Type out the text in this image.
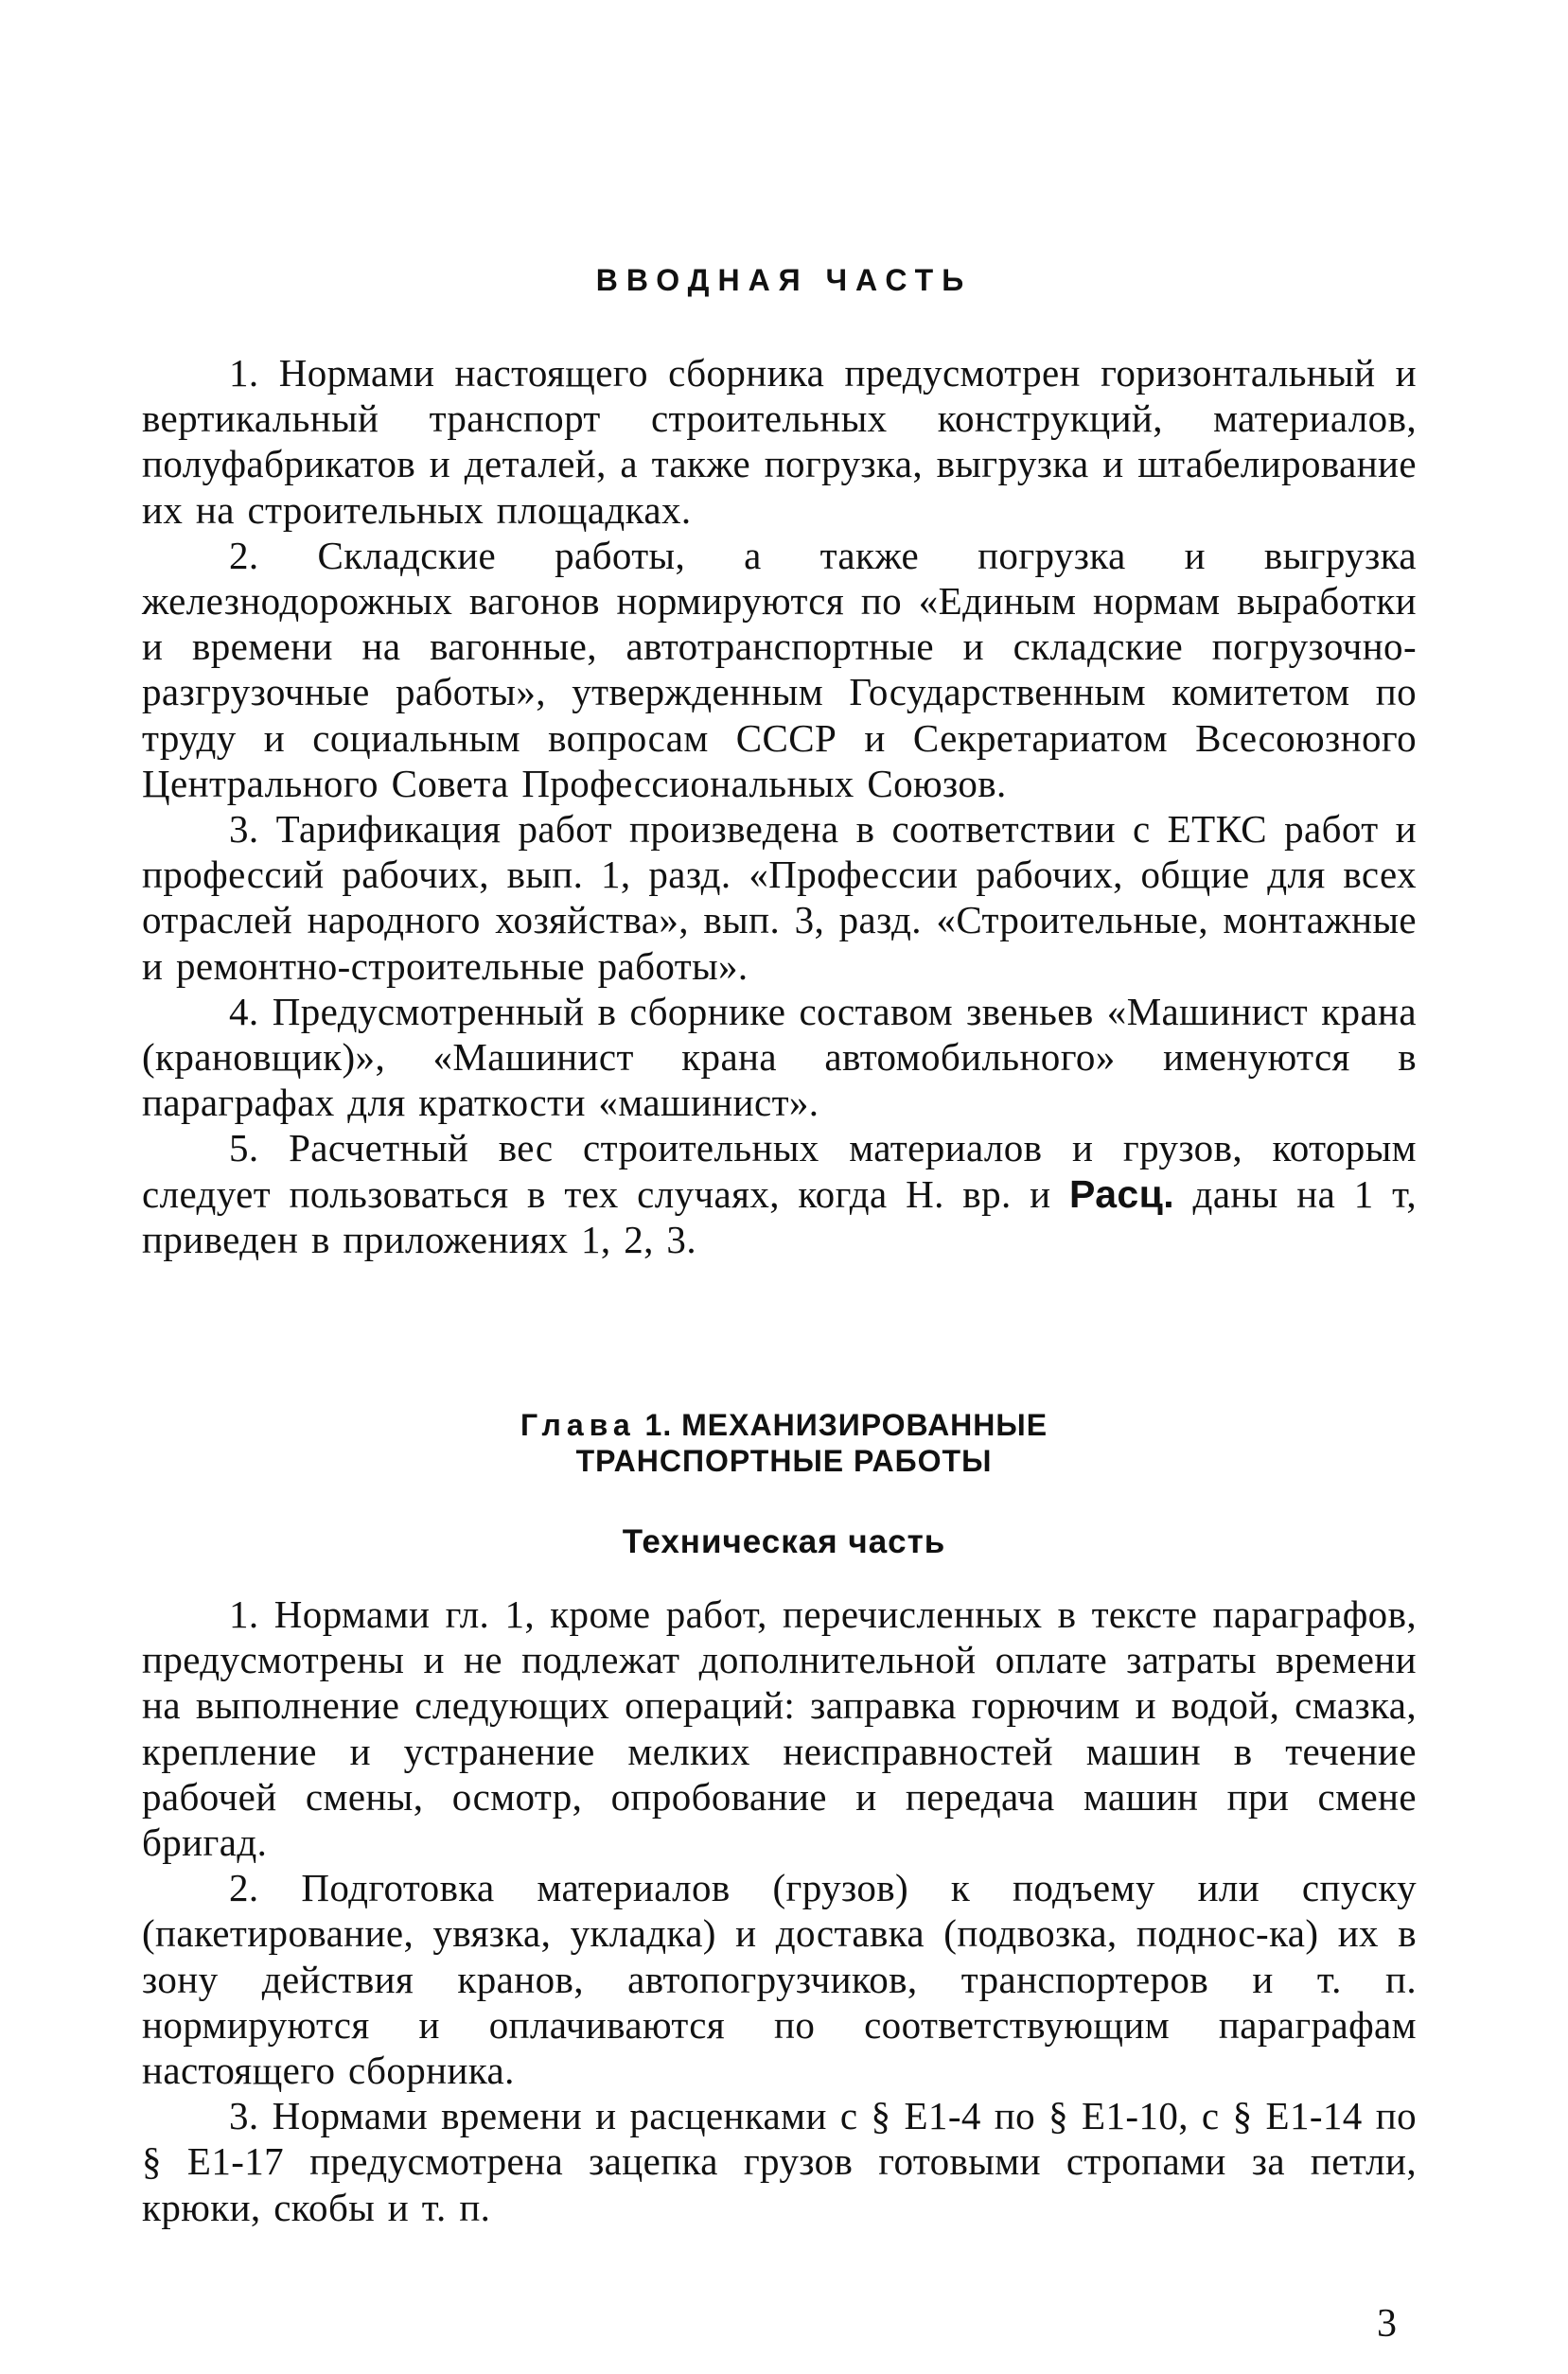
ВВОДНАЯ ЧАСТЬ

1. Нормами настоящего сборника предусмотрен горизонтальный и вертикальный транспорт строительных конструкций, материалов, полуфабрикатов и деталей, а также погрузка, выгрузка и штабелирование их на строительных площадках.

2. Складские работы, а также погрузка и выгрузка железнодорожных вагонов нормируются по «Единым нормам выработки и времени на вагонные, автотранспортные и складские погрузочно-разгрузочные работы», утвержденным Государственным комитетом по труду и социальным вопросам СССР и Секретариатом Всесоюзного Центрального Совета Профессиональных Союзов.

3. Тарификация работ произведена в соответствии с ЕТКС работ и профессий рабочих, вып. 1, разд. «Профессии рабочих, общие для всех отраслей народного хозяйства», вып. 3, разд. «Строительные, монтажные и ремонтно-строительные работы».

4. Предусмотренный в сборнике составом звеньев «Машинист крана (крановщик)», «Машинист крана автомобильного» именуются в параграфах для краткости «машинист».

5. Расчетный вес строительных материалов и грузов, которым следует пользоваться в тех случаях, когда Н. вр. и Расц. даны на 1 т, приведен в приложениях 1, 2, 3.

Глава 1. МЕХАНИЗИРОВАННЫЕ
ТРАНСПОРТНЫЕ РАБОТЫ
Техническая часть

1. Нормами гл. 1, кроме работ, перечисленных в тексте параграфов, предусмотрены и не подлежат дополнительной оплате затраты времени на выполнение следующих операций: заправка горючим и водой, смазка, крепление и устранение мелких неисправностей машин в течение рабочей смены, осмотр, опробование и передача машин при смене бригад.

2. Подготовка материалов (грузов) к подъему или спуску (пакетирование, увязка, укладка) и доставка (подвозка, поднос-ка) их в зону действия кранов, автопогрузчиков, транспортеров и т. п. нормируются и оплачиваются по соответствующим параграфам настоящего сборника.

3. Нормами времени и расценками с § Е1-4 по § Е1-10, с § Е1-14 по § Е1-17 предусмотрена зацепка грузов готовыми стропами за петли, крюки, скобы и т. п.

3
